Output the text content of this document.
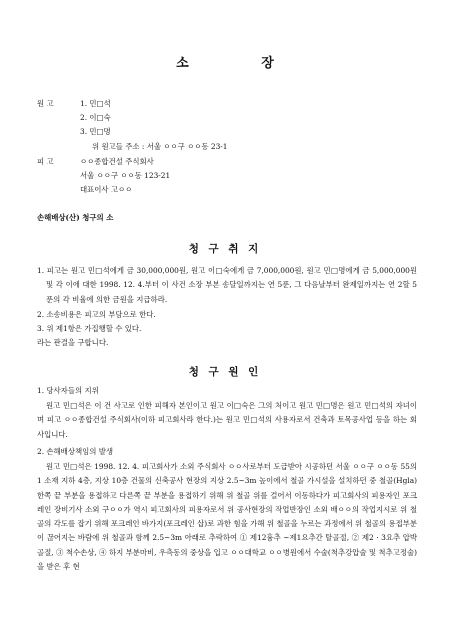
소 장
원 고	1. 민□석
2. 이□숙
3. 민□명
위 원고들 주소 : 서울 ㅇㅇ구 ㅇㅇ동 23-1
피 고	ㅇㅇ종합건설 주식회사
서울 ㅇㅇ구 ㅇㅇ동 123-21
대표이사 고ㅇㅇ
손해배상(산) 청구의 소
청 구 취 지
1. 피고는 원고 민□석에게 금 30,000,000원, 원고 이□숙에게 금 7,000,000원, 원고 민□명에게 금 5,000,000원 및 각 이에 대한 1998. 12. 4.부터 이 사건 소장 부본 송달일까지는 연 5푼, 그 다음날부터 완제일까지는 연 2할 5푼의 각 비율에 의한 금원을 지급하라.
2. 소송비용은 피고의 부담으로 한다.
3. 위 제1항은 가집행할 수 있다.
라는 판결을 구합니다.
청 구 원 인
1. 당사자들의 지위
원고 민□석은 이 건 사고로 인한 피해자 본인이고 원고 이□숙은 그의 처이고 원고 민□명은 원고 민□석의 자녀이며 피고 ㅇㅇ종합건설 주식회사(이하 피고회사라 한다.)는 원고 민□석의 사용자로서 건축과 토목공사업 등을 하는 회사입니다.
2. 손해배상책임의 발생
원고 민□석은 1998. 12. 4. 피고회사가 소외 주식회사 ㅇㅇ사로부터 도급받아 시공하던 서울 ㅇㅇ구 ㅇㅇ동 55의 1 소재 지하 4층, 지상 10층 건물의 신축공사 현장의 지상 2.5~3m 높이에서 철골 가시설을 설치하던 중 철골(Hgla) 한쪽 끝 부분을 용접하고 다른쪽 끝 부분을 용접하기 위해 위 철골 위를 걸어서 이동하다가 피고회사의 피용자인 포크레인 장비기사 소외 구ㅇㅇ가 역시 피고회사의 피용자로서 위 공사현장의 작업반장인 소외 배ㅇㅇ의 작업지시로 위 철골의 각도를 잡기 위해 포크레인 바가지(포크레인 삽)로 과한 힘을 가해 위 철골을 누르는 과정에서 위 철골의 용접부분이 끊어지는 바람에 위 철골과 함께 2.5~3m 아래로 추락하여 ① 제12흉추 ~제1요추간 탈골절, ② 제2 · 3요추 압박골절, ③ 척수손상, ④ 하지 부분마비, 우측동의 중상을 입고 ㅇㅇ대학교 ㅇㅇ병원에서 수술(척추강압술 및 척추고정술)을 받은 후 현
